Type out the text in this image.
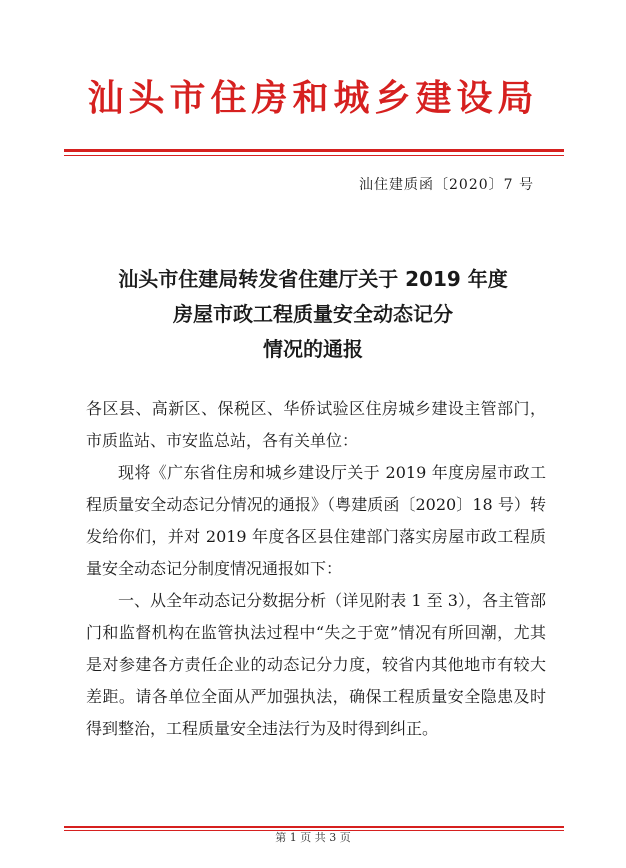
汕头市住房和城乡建设局
汕住建质函〔2020〕7 号
汕头市住建局转发省住建厅关于 2019 年度
房屋市政工程质量安全动态记分
情况的通报

各区县、高新区、保税区、华侨试验区住房城乡建设主管部门，市质监站、市安监总站，各有关单位：

现将《广东省住房和城乡建设厅关于 2019 年度房屋市政工程质量安全动态记分情况的通报》（粤建质函〔2020〕18 号）转发给你们，并对 2019 年度各区县住建部门落实房屋市政工程质量安全动态记分制度情况通报如下：

一、从全年动态记分数据分析（详见附表 1 至 3），各主管部门和监督机构在监管执法过程中“失之于宽”情况有所回潮，尤其是对参建各方责任企业的动态记分力度，较省内其他地市有较大差距。请各单位全面从严加强执法，确保工程质量安全隐患及时得到整治，工程质量安全违法行为及时得到纠正。

第 1 页 共 3 页
